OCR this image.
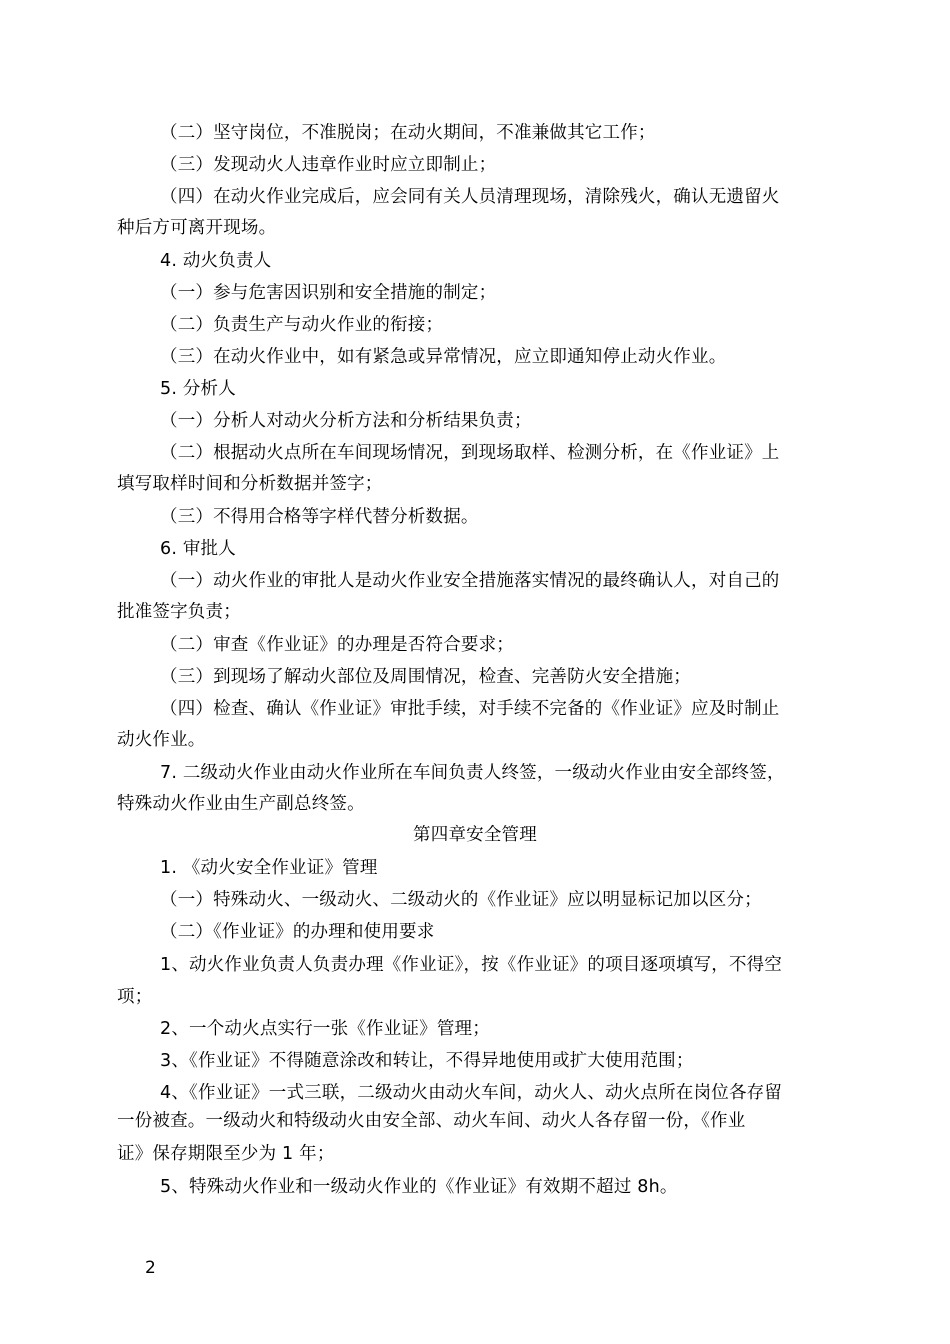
（二）坚守岗位，不准脱岗；在动火期间，不准兼做其它工作；
（三）发现动火人违章作业时应立即制止；
（四）在动火作业完成后，应会同有关人员清理现场，清除残火，确认无遗留火
种后方可离开现场。
4. 动火负责人
（一）参与危害因识别和安全措施的制定；
（二）负责生产与动火作业的衔接；
（三）在动火作业中，如有紧急或异常情况，应立即通知停止动火作业。
5. 分析人
（一）分析人对动火分析方法和分析结果负责；
（二）根据动火点所在车间现场情况，到现场取样、检测分析，在《作业证》上
填写取样时间和分析数据并签字；
（三）不得用合格等字样代替分析数据。
6. 审批人
（一）动火作业的审批人是动火作业安全措施落实情况的最终确认人，对自己的
批准签字负责；
（二）审查《作业证》的办理是否符合要求；
（三）到现场了解动火部位及周围情况，检查、完善防火安全措施；
（四）检查、确认《作业证》审批手续，对手续不完备的《作业证》应及时制止
动火作业。
7. 二级动火作业由动火作业所在车间负责人终签，一级动火作业由安全部终签，
特殊动火作业由生产副总终签。
第四章安全管理
1. 《动火安全作业证》管理
（一）特殊动火、一级动火、二级动火的《作业证》应以明显标记加以区分；
（二）《作业证》的办理和使用要求
1、动火作业负责人负责办理《作业证》，按《作业证》的项目逐项填写，不得空
项；
2、一个动火点实行一张《作业证》管理；
3、《作业证》不得随意涂改和转让，不得异地使用或扩大使用范围；
4、《作业证》一式三联，二级动火由动火车间，动火人、动火点所在岗位各存留
一份被查。一级动火和特级动火由安全部、动火车间、动火人各存留一份，《作业
证》保存期限至少为 1 年；
5、特殊动火作业和一级动火作业的《作业证》有效期不超过 8h。
2
